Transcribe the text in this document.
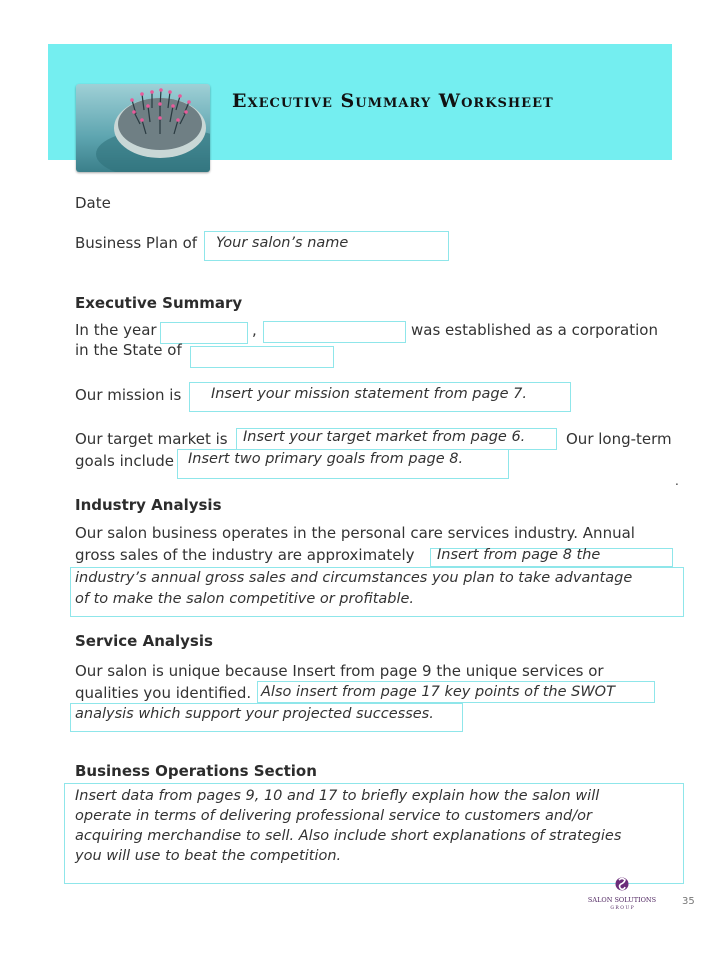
Executive Summary Worksheet
Date
Business Plan of Your salon’s name
Executive Summary
In the year	,	was established as a corporation
in the State of
Our mission is Insert your mission statement from page 7.
Our target market is Insert your target market from page 6.	Our long-term
goals include Insert two primary goals from page 8.
.
Industry Analysis
Our salon business operates in the personal care services industry. Annual
gross sales of the industry are approximately Insert from page 8 the
industry’s annual gross sales and circumstances you plan to take advantage
of to make the salon competitive or profitable.
Service Analysis
Our salon is unique because Insert from page 9 the unique services or
qualities you identified. Also insert from page 17 key points of the SWOT
analysis which support your projected successes.
Business Operations Section
Insert data from pages 9, 10 and 17 to briefly explain how the salon will
operate in terms of delivering professional service to customers and/or
acquiring merchandise to sell. Also include short explanations of strategies
you will use to beat the competition.
SALON SOLUTIONS
G R O U P
35
